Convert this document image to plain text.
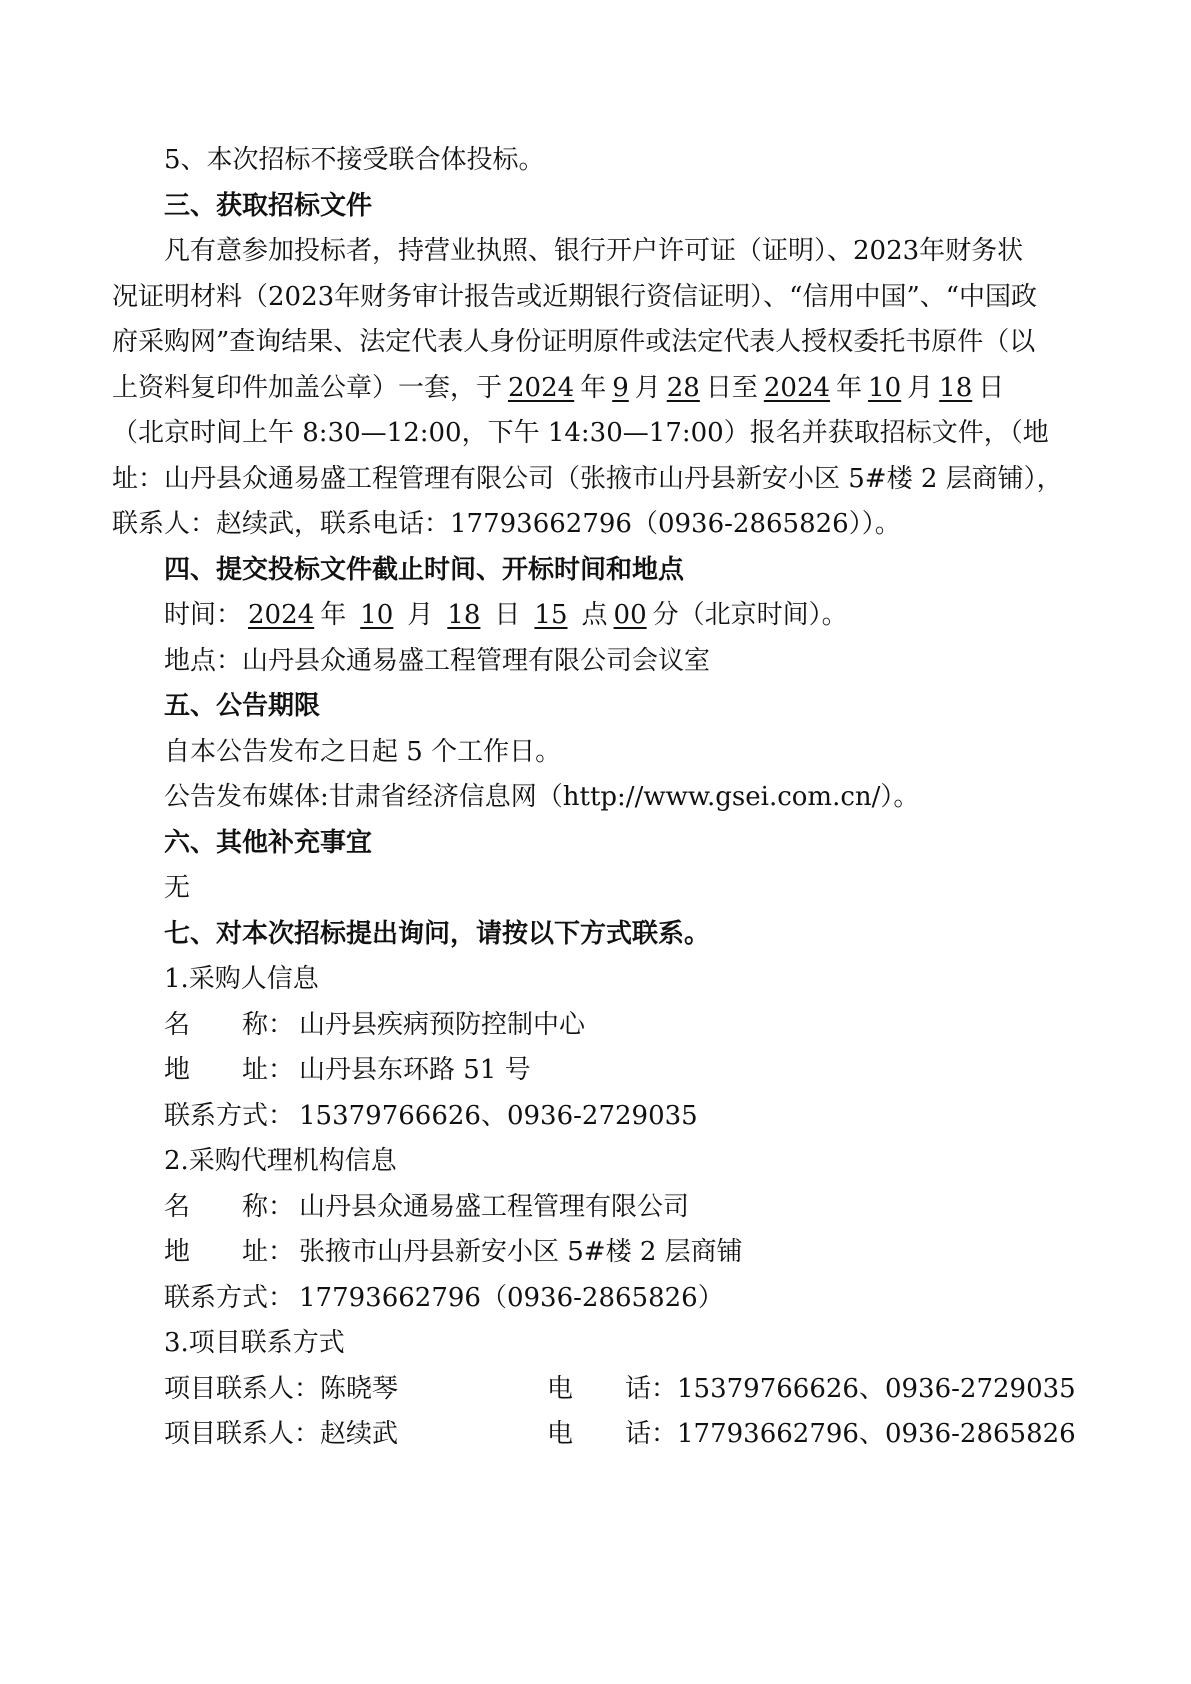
5、本次招标不接受联合体投标。
三、获取招标文件
凡有意参加投标者，持营业执照、银行开户许可证（证明）、2023年财务状
况证明材料（2023年财务审计报告或近期银行资信证明）、“信用中国”、“中国政
府采购网”查询结果、法定代表人身份证明原件或法定代表人授权委托书原件（以
上资料复印件加盖公章）一套，于 2024 年 9 月 28 日至 2024 年 10 月 18 日
（北京时间上午 8:30—12:00，下午 14:30—17:00）报名并获取招标文件，（地
址：山丹县众通易盛工程管理有限公司（张掖市山丹县新安小区 5#楼 2 层商铺），
联系人：赵续武，联系电话：17793662796（0936-2865826））。
四、提交投标文件截止时间、开标时间和地点
时间： 2024 年 10 月 18 日 15 点 00 分（北京时间）。
地点：山丹县众通易盛工程管理有限公司会议室
五、公告期限
自本公告发布之日起 5 个工作日。
公告发布媒体:甘肃省经济信息网（http://www.gsei.com.cn/）。
六、其他补充事宜
无
七、对本次招标提出询问，请按以下方式联系。
1.采购人信息
名　　称： 山丹县疾病预防控制中心
地　　址： 山丹县东环路 51 号
联系方式： 15379766626、0936-2729035
2.采购代理机构信息
名　　称： 山丹县众通易盛工程管理有限公司
地　　址： 张掖市山丹县新安小区 5#楼 2 层商铺
联系方式： 17793662796（0936-2865826）
3.项目联系方式
项目联系人：陈晓琴	电　　话：15379766626、0936-2729035
项目联系人：赵续武	电　　话：17793662796、0936-2865826
